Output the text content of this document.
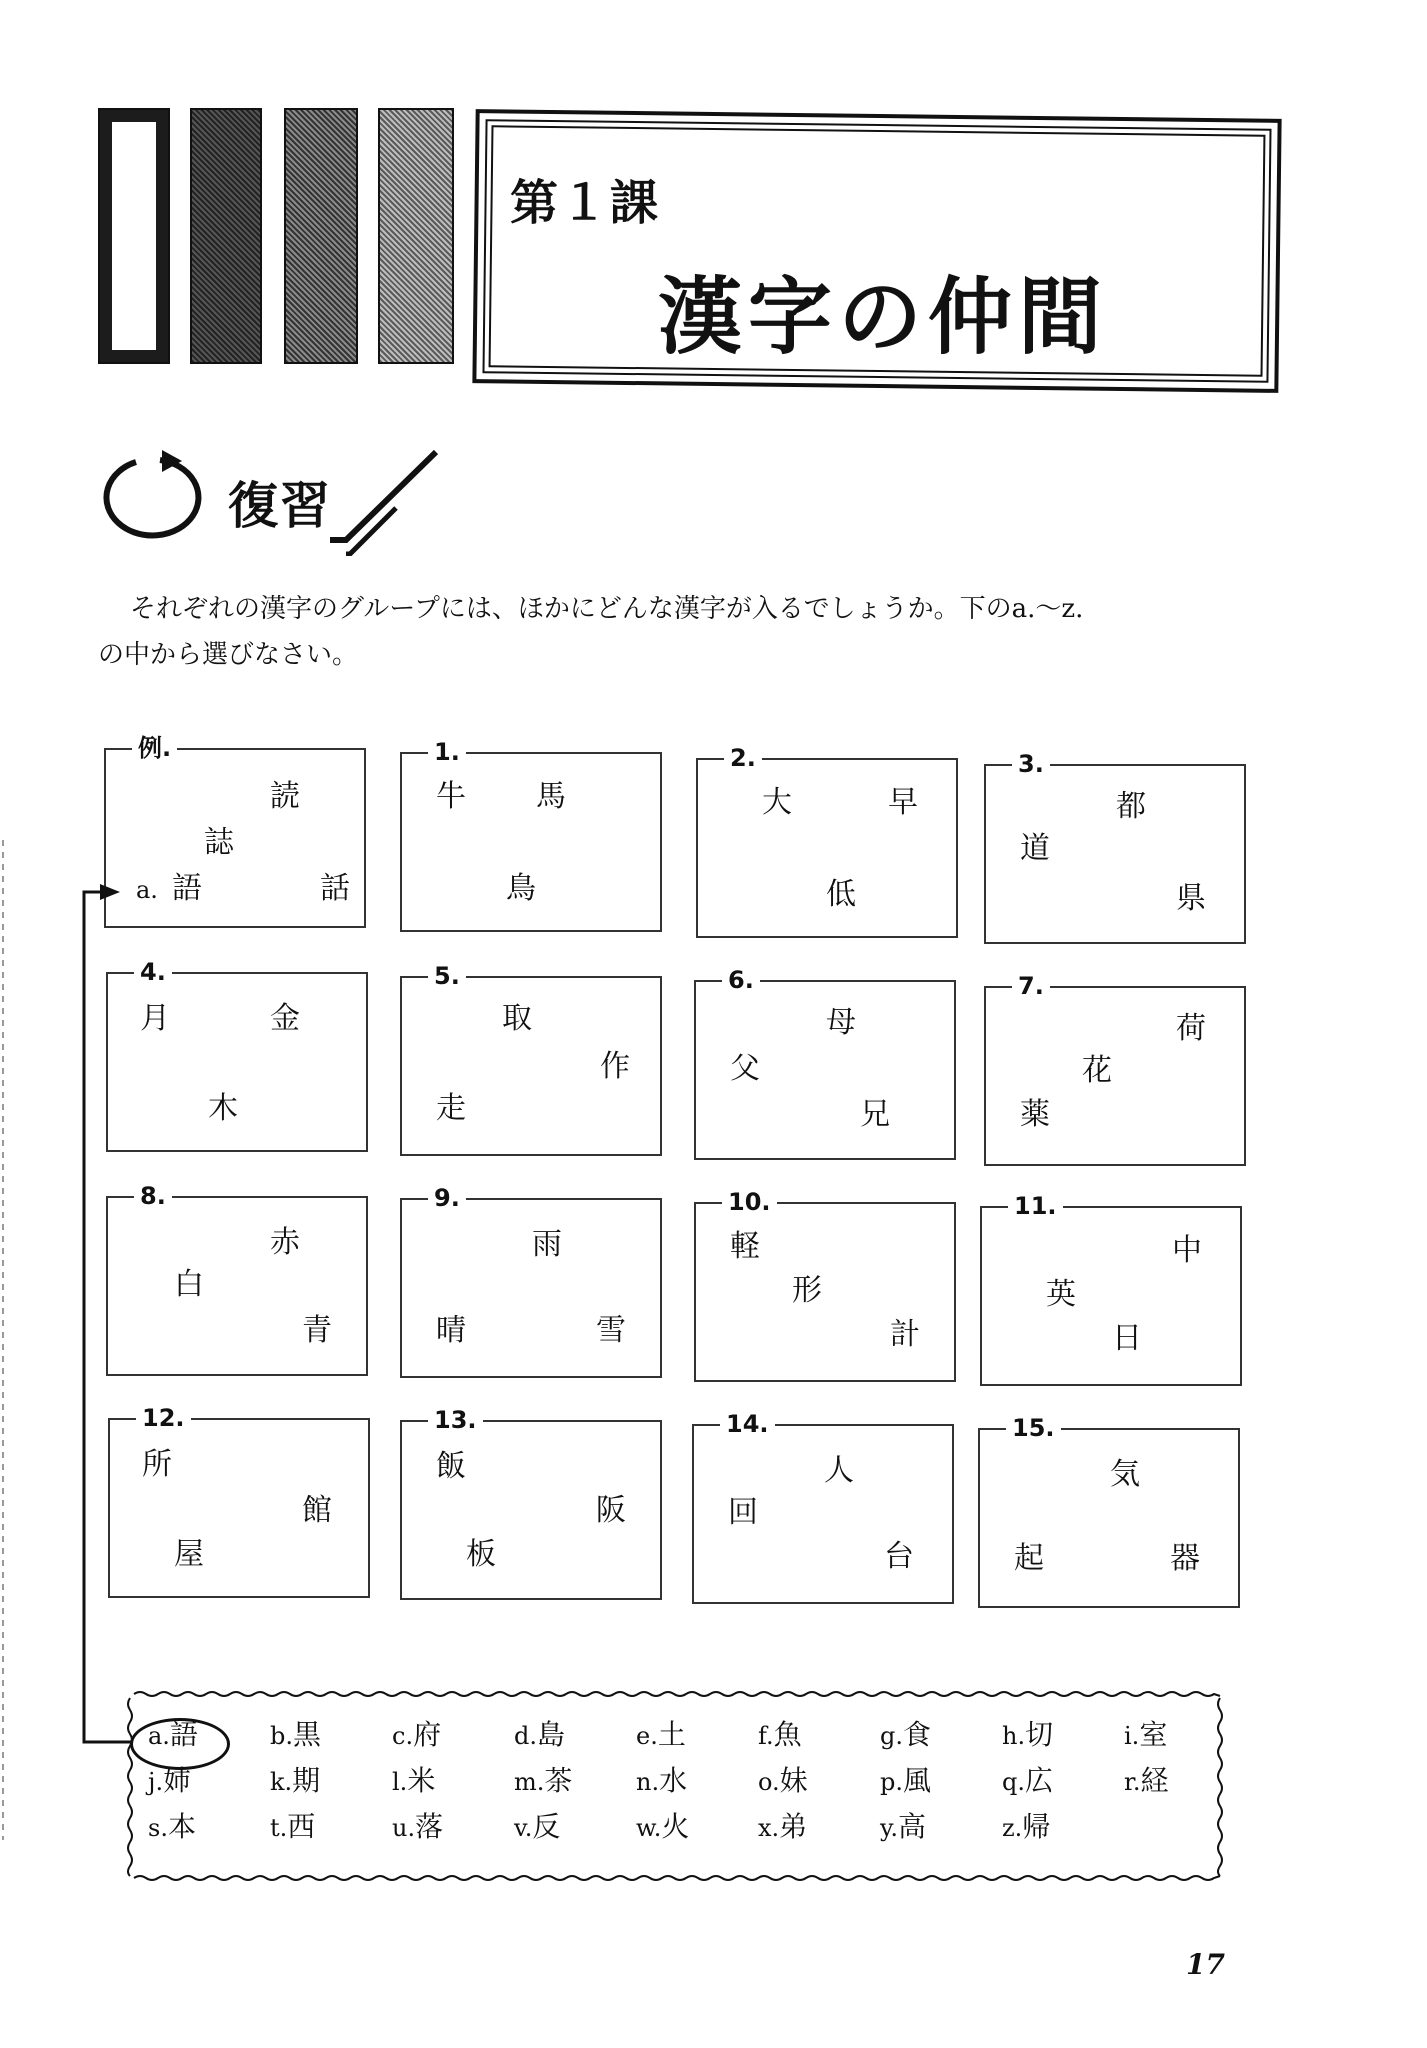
第１課
漢字の仲間
復習
それぞれの漢字のグループには、ほかにどんな漢字が入るでしょうか。下のa.～z.
の中から選びなさい。
例.
読
誌
a. 語	話
1.
牛 馬
鳥
2.
大	早
低
3.
都
道
県
4.
月	金
木
5.
取
作
走
6.
母
父
兄
7.
荷
花
薬
8.
赤
白
青
9.
雨
晴	雪
10.
軽
形
計
11.
中
英
日
12.
所
館
屋
13.
飯
阪
板
14.
人
回
台
15.
気
起	器
a.語	b.黒	c.府	d.島	e.土	f.魚	g.食	h.切	i.室
j.姉	k.期	l.米	m.茶	n.水	o.妹	p.風	q.広	r.経
s.本	t.西	u.落	v.反	w.火	x.弟	y.高	z.帰
17
